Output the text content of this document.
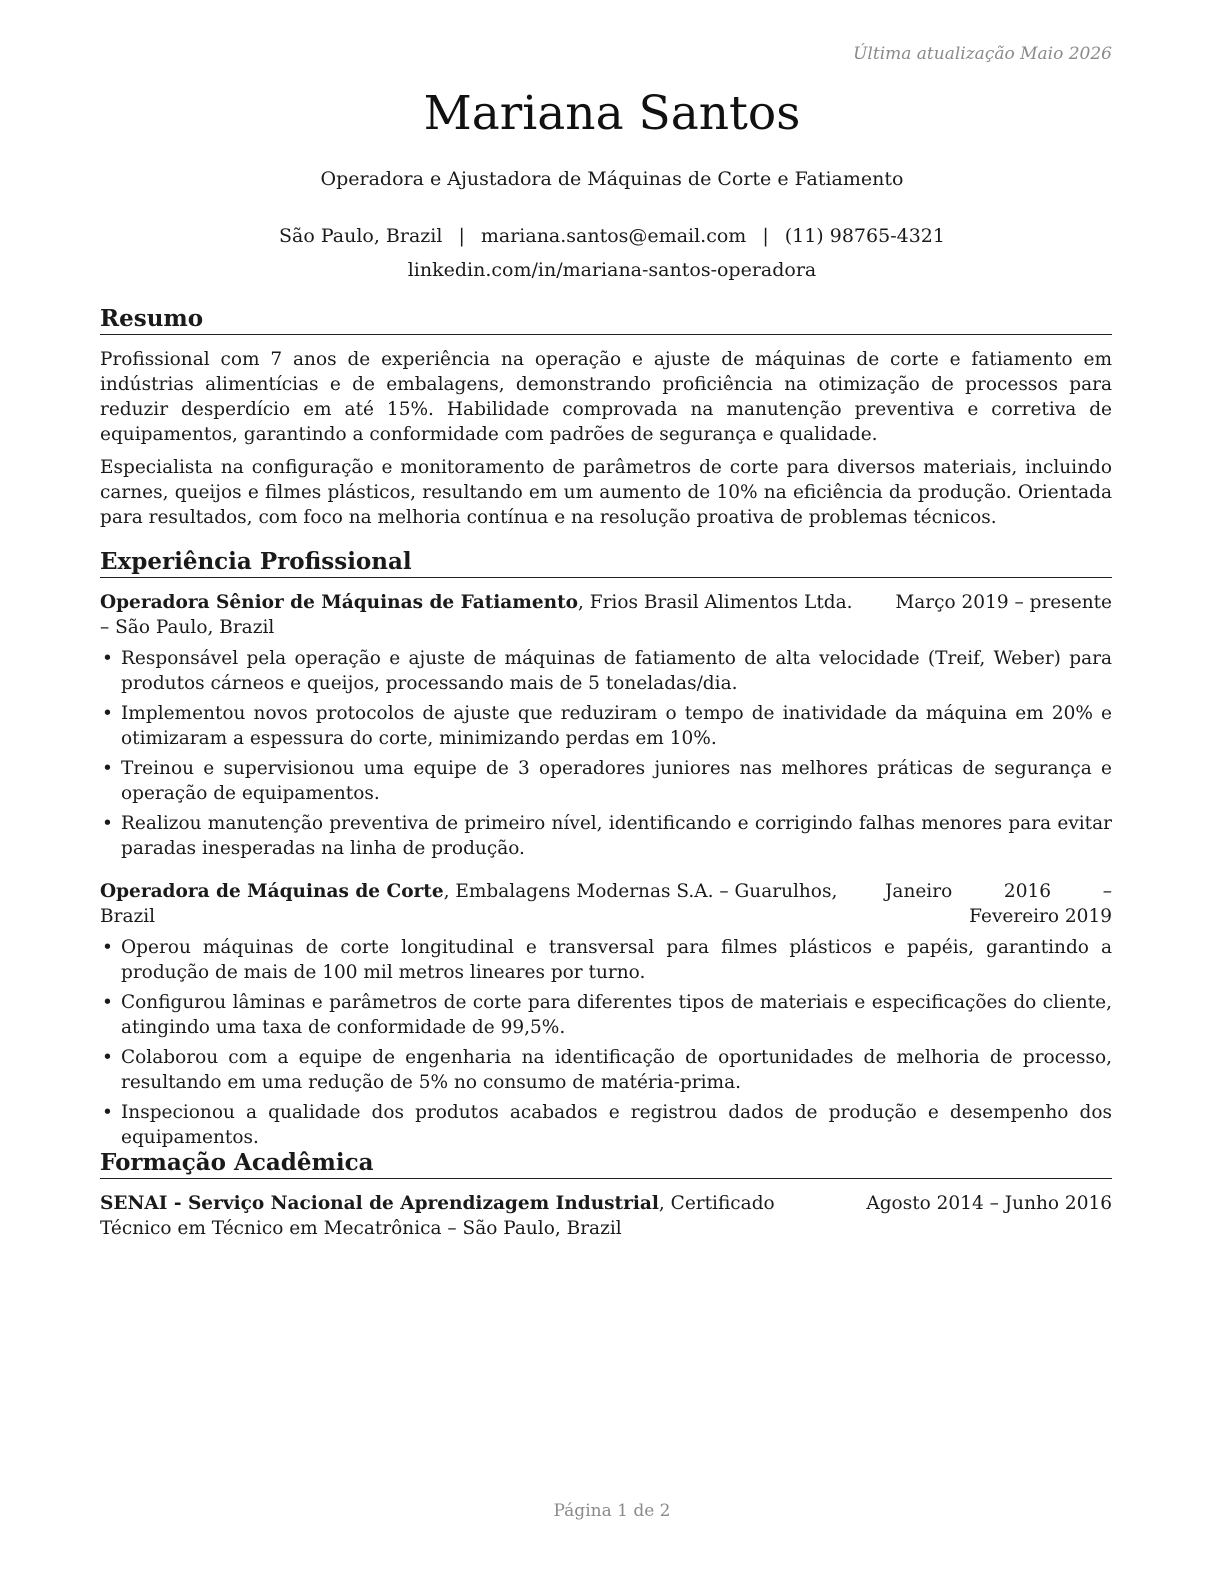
Última atualização Maio 2026
Mariana Santos
Operadora e Ajustadora de Máquinas de Corte e Fatiamento
São Paulo, Brazil | mariana.santos@email.com | (11) 98765-4321
linkedin.com/in/mariana-santos-operadora
Resumo

Profissional com 7 anos de experiência na operação e ajuste de máquinas de corte e fatiamento em indústrias alimentícias e de embalagens, demonstrando proficiência na otimização de processos para reduzir desperdício em até 15%. Habilidade comprovada na manutenção preventiva e corretiva de equipamentos, garantindo a conformidade com padrões de segurança e qualidade.

Especialista na configuração e monitoramento de parâmetros de corte para diversos materiais, incluindo carnes, queijos e filmes plásticos, resultando em um aumento de 10% na eficiência da produção. Orientada para resultados, com foco na melhoria contínua e na resolução proativa de problemas técnicos.

Experiência Profissional
Operadora Sênior de Máquinas de Fatiamento, Frios Brasil Alimentos Ltda. – São Paulo, Brazil
Março 2019 – presente
• Responsável pela operação e ajuste de máquinas de fatiamento de alta velocidade (Treif, Weber) para produtos cárneos e queijos, processando mais de 5 toneladas/dia.
• Implementou novos protocolos de ajuste que reduziram o tempo de inatividade da máquina em 20% e otimizaram a espessura do corte, minimizando perdas em 10%.
• Treinou e supervisionou uma equipe de 3 operadores juniores nas melhores práticas de segurança e operação de equipamentos.
• Realizou manutenção preventiva de primeiro nível, identificando e corrigindo falhas menores para evitar paradas inesperadas na linha de produção.
Operadora de Máquinas de Corte, Embalagens Modernas S.A. – Guarulhos, Brazil
Janeiro 2016 – Fevereiro 2019
• Operou máquinas de corte longitudinal e transversal para filmes plásticos e papéis, garantindo a produção de mais de 100 mil metros lineares por turno.
• Configurou lâminas e parâmetros de corte para diferentes tipos de materiais e especificações do cliente, atingindo uma taxa de conformidade de 99,5%.
• Colaborou com a equipe de engenharia na identificação de oportunidades de melhoria de processo, resultando em uma redução de 5% no consumo de matéria-prima.
• Inspecionou a qualidade dos produtos acabados e registrou dados de produção e desempenho dos equipamentos.
Formação Acadêmica
SENAI - Serviço Nacional de Aprendizagem Industrial, Certificado Técnico em Técnico em Mecatrônica – São Paulo, Brazil
Agosto 2014 – Junho 2016
Página 1 de 2
